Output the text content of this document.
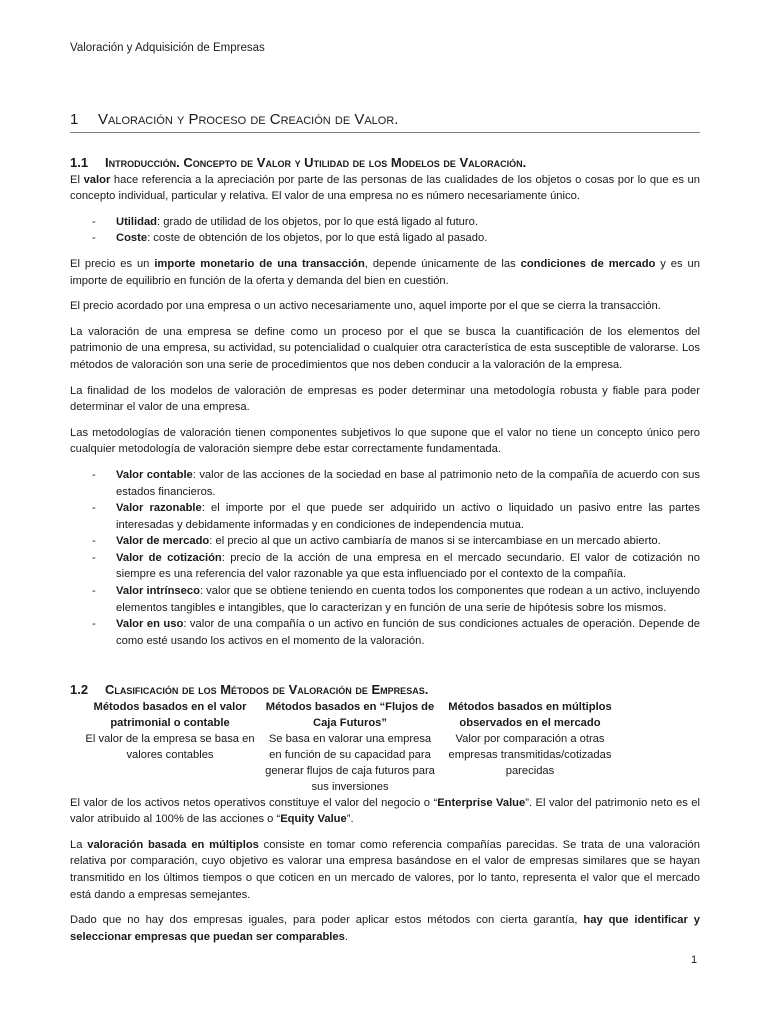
Valoración y Adquisición de Empresas
1 Valoración y Proceso de Creación de Valor.
1.1 Introducción. Concepto de Valor y Utilidad de los Modelos de Valoración.

El valor hace referencia a la apreciación por parte de las personas de las cualidades de los objetos o cosas por lo que es un concepto individual, particular y relativa. El valor de una empresa no es número necesariamente único.

- Utilidad: grado de utilidad de los objetos, por lo que está ligado al futuro.
- Coste: coste de obtención de los objetos, por lo que está ligado al pasado.

El precio es un importe monetario de una transacción, depende únicamente de las condiciones de mercado y es un importe de equilibrio en función de la oferta y demanda del bien en cuestión.

El precio acordado por una empresa o un activo necesariamente uno, aquel importe por el que se cierra la transacción.

La valoración de una empresa se define como un proceso por el que se busca la cuantificación de los elementos del patrimonio de una empresa, su actividad, su potencialidad o cualquier otra característica de esta susceptible de valorarse. Los métodos de valoración son una serie de procedimientos que nos deben conducir a la valoración de la empresa.

La finalidad de los modelos de valoración de empresas es poder determinar una metodología robusta y fiable para poder determinar el valor de una empresa.

Las metodologías de valoración tienen componentes subjetivos lo que supone que el valor no tiene un concepto único pero cualquier metodología de valoración siempre debe estar correctamente fundamentada.

- Valor contable: valor de las acciones de la sociedad en base al patrimonio neto de la compañía de acuerdo con sus estados financieros.
- Valor razonable: el importe por el que puede ser adquirido un activo o liquidado un pasivo entre las partes interesadas y debidamente informadas y en condiciones de independencia mutua.
- Valor de mercado: el precio al que un activo cambiaría de manos si se intercambiase en un mercado abierto.
- Valor de cotización: precio de la acción de una empresa en el mercado secundario. El valor de cotización no siempre es una referencia del valor razonable ya que esta influenciado por el contexto de la compañía.
- Valor intrínseco: valor que se obtiene teniendo en cuenta todos los componentes que rodean a un activo, incluyendo elementos tangibles e intangibles, que lo caracterizan y en función de una serie de hipótesis sobre los mismos.
- Valor en uso: valor de una compañía o un activo en función de sus condiciones actuales de operación. Depende de como esté usando los activos en el momento de la valoración.
1.2 Clasificación de los Métodos de Valoración de Empresas.
Métodos basados en el valor patrimonial o contable
El valor de la empresa se basa en valores contables
Métodos basados en “Flujos de Caja Futuros”
Se basa en valorar una empresa en función de su capacidad para generar flujos de caja futuros para sus inversiones
Métodos basados en múltiplos observados en el mercado
Valor por comparación a otras empresas transmitidas/cotizadas parecidas

El valor de los activos netos operativos constituye el valor del negocio o “Enterprise Value”. El valor del patrimonio neto es el valor atribuido al 100% de las acciones o “Equity Value”.

La valoración basada en múltiplos consiste en tomar como referencia compañías parecidas. Se trata de una valoración relativa por comparación, cuyo objetivo es valorar una empresa basándose en el valor de empresas similares que se hayan transmitido en los últimos tiempos o que coticen en un mercado de valores, por lo tanto, representa el valor que el mercado está dando a empresas semejantes.

Dado que no hay dos empresas iguales, para poder aplicar estos métodos con cierta garantía, hay que identificar y seleccionar empresas que puedan ser comparables.

1
